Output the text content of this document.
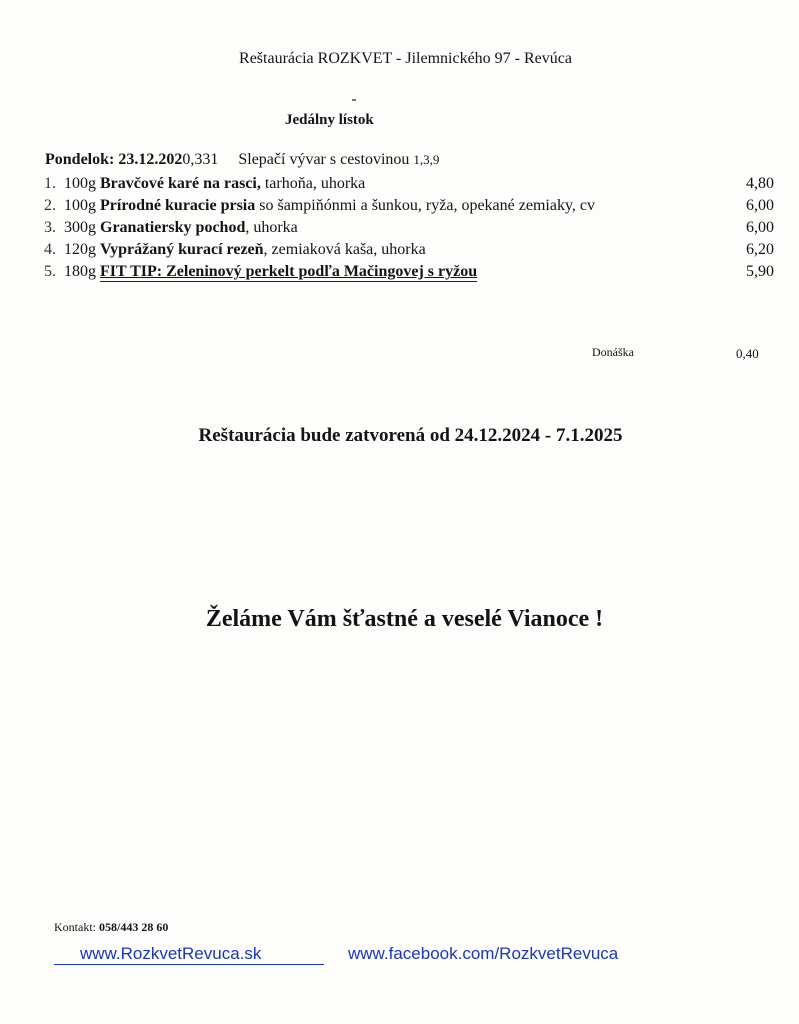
Reštaurácia ROZKVET - Jilemnického 97 - Revúca
Jedálny lístok
Pondelok: 23.12.2020,331 Slepačí vývar s cestovinou 1,3,9
1. 100g Bravčové karé na rasci, tarhoňa, uhorka	4,80
2. 100g Prírodné kuracie prsia so šampiňónmi a šunkou, ryža, opekané zemiaky, cv	6,00
3. 300g Granatiersky pochod, uhorka	6,00
4. 120g Vyprážaný kurací rezeň, zemiaková kaša, uhorka	6,20
5. 180g FIT TIP: Zeleninový perkelt podľa Mačingovej s ryžou	5,90
Donáška	0,40
Reštaurácia bude zatvorená od 24.12.2024 - 7.1.2025
Želáme Vám šťastné a veselé Vianoce !
Kontakt: 058/443 28 60
www.RozkvetRevuca.sk	www.facebook.com/RozkvetRevuca
